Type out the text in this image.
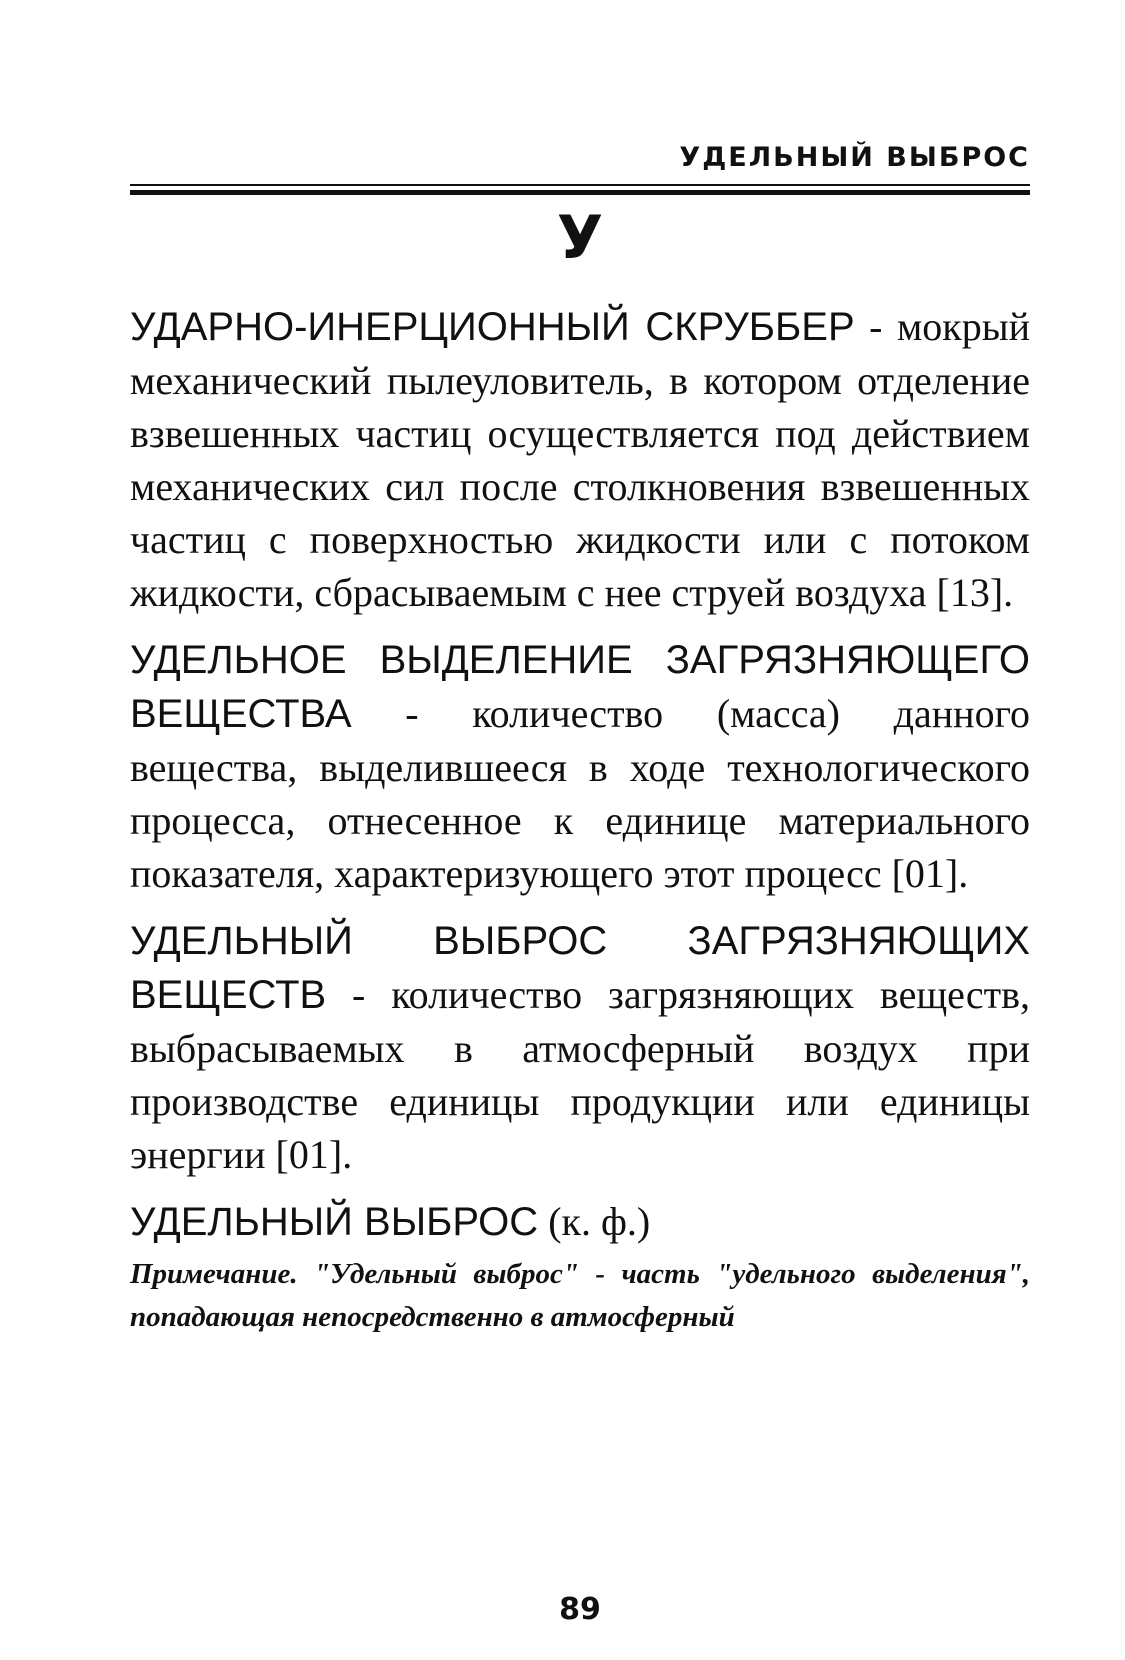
УДЕЛЬНЫЙ ВЫБРОС
У

УДАРНО-ИНЕРЦИОННЫЙ СКРУББЕР - мокрый механический пылеуловитель, в котором отделение взвешенных частиц осуществляется под действием механических сил после столкновения взвешенных частиц с поверхностью жидкости или с потоком жидкости, сбрасываемым с нее струей воздуха [13].

УДЕЛЬНОЕ ВЫДЕЛЕНИЕ ЗАГРЯЗНЯЮЩЕГО ВЕЩЕСТВА - количество (масса) данного вещества, выделившееся в ходе технологического процесса, отнесенное к единице материального показателя, характеризующего этот процесс [01].

УДЕЛЬНЫЙ ВЫБРОС ЗАГРЯЗНЯЮЩИХ ВЕЩЕСТВ - количество загрязняющих веществ, выбрасываемых в атмосферный воздух при производстве единицы продукции или единицы энергии [01].

УДЕЛЬНЫЙ ВЫБРОС (к. ф.)

Примечание. "Удельный выброс" - часть "удельного выделения", попадающая непосредственно в атмосферный

89
